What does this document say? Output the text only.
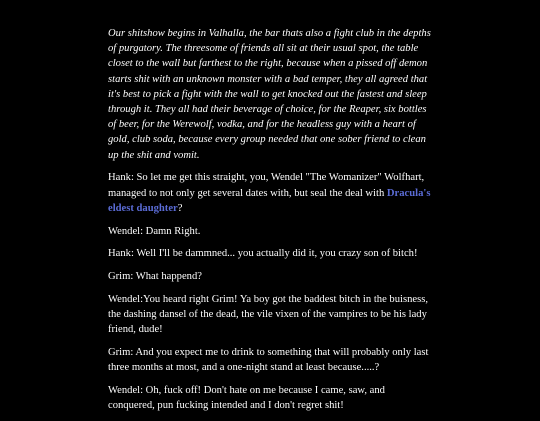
Our shitshow begins in Valhalla, the bar thats also a fight club in the depths of purgatory. The threesome of friends all sit at their usual spot, the table closet to the wall but farthest to the right, because when a pissed off demon starts shit with an unknown monster with a bad temper, they all agreed that it's best to pick a fight with the wall to get knocked out the fastest and sleep through it. They all had their beverage of choice, for the Reaper, six bottles of beer, for the Werewolf, vodka, and for the headless guy with a heart of gold, club soda, because every group needed that one sober friend to clean up the shit and vomit.

Hank: So let me get this straight, you, Wendel "The Womanizer" Wolfhart, managed to not only get several dates with, but seal the deal with Dracula's eldest daughter?

Wendel: Damn Right.

Hank: Well I'll be dammned... you actually did it, you crazy son of bitch!

Grim: What happend?

Wendel:You heard right Grim! Ya boy got the baddest bitch in the buisness, the dashing dansel of the dead, the vile vixen of the vampires to be his lady friend, dude!

Grim: And you expect me to drink to something that will probably only last three months at most, and a one-night stand at least because.....?

Wendel: Oh, fuck off! Don't hate on me because I came, saw, and conquered, pun fucking intended and I don't regret shit!
